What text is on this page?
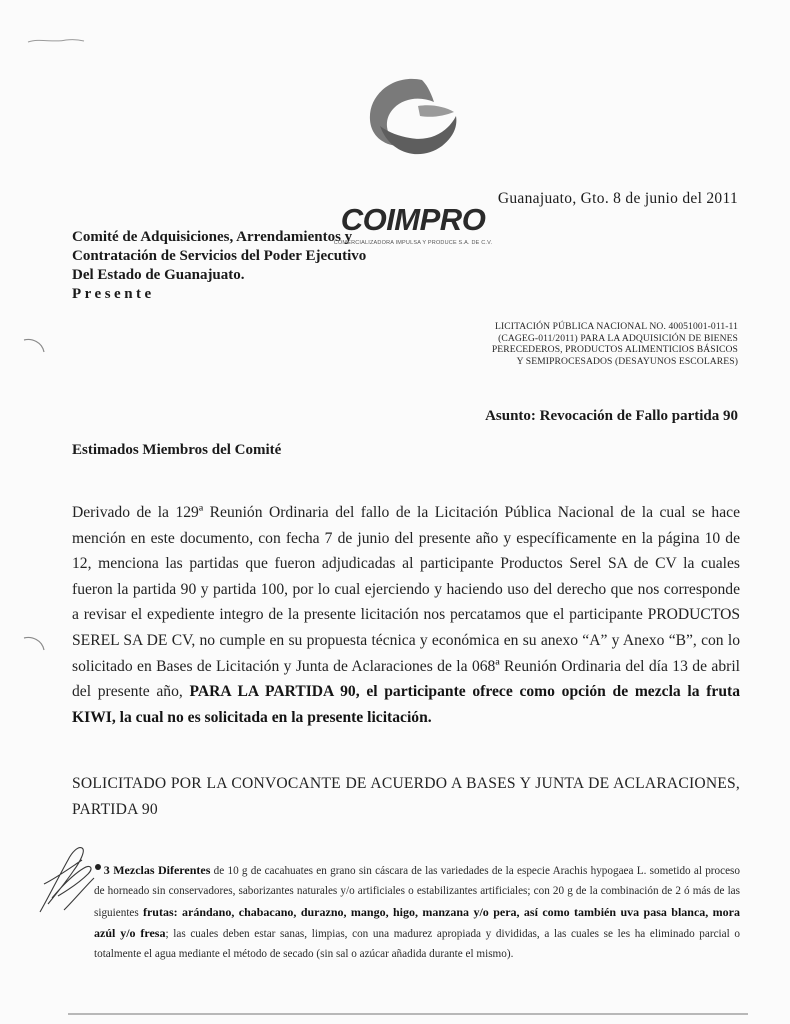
COIMPRO
COMERCIALIZADORA IMPULSA Y PRODUCE S.A. DE C.V.
Guanajuato, Gto. 8 de junio del 2011
Comité de Adquisiciones, Arrendamientos y
Contratación de Servicios del Poder Ejecutivo
Del Estado de Guanajuato.
Presente
LICITACIÓN PÚBLICA NACIONAL NO. 40051001-011-11
(CAGEG-011/2011) PARA LA ADQUISICIÓN DE BIENES
PERECEDEROS, PRODUCTOS ALIMENTICIOS BÁSICOS
Y SEMIPROCESADOS (DESAYUNOS ESCOLARES)
Asunto: Revocación de Fallo partida 90
Estimados Miembros del Comité
Derivado de la 129ª Reunión Ordinaria del fallo de la Licitación Pública Nacional de la cual se hace mención en este documento, con fecha 7 de junio del presente año y específicamente en la página 10 de 12, menciona las partidas que fueron adjudicadas al participante Productos Serel SA de CV la cuales fueron la partida 90 y partida 100, por lo cual ejerciendo y haciendo uso del derecho que nos corresponde a revisar el expediente integro de la presente licitación nos percatamos que el participante PRODUCTOS SEREL SA DE CV, no cumple en su propuesta técnica y económica en su anexo “A” y Anexo “B”, con lo solicitado en Bases de Licitación y Junta de Aclaraciones de la 068ª Reunión Ordinaria del día 13 de abril del presente año, PARA LA PARTIDA 90, el participante ofrece como opción de mezcla la fruta KIWI, la cual no es solicitada en la presente licitación.
SOLICITADO POR LA CONVOCANTE DE ACUERDO A BASES Y JUNTA DE ACLARACIONES, PARTIDA 90
3 Mezclas Diferentes de 10 g de cacahuates en grano sin cáscara de las variedades de la especie Arachis hypogaea L. sometido al proceso de horneado sin conservadores, saborizantes naturales y/o artificiales o estabilizantes artificiales; con 20 g de la combinación de 2 ó más de las siguientes frutas: arándano, chabacano, durazno, mango, higo, manzana y/o pera, así como también uva pasa blanca, mora azúl y/o fresa; las cuales deben estar sanas, limpias, con una madurez apropiada y divididas, a las cuales se les ha eliminado parcial o totalmente el agua mediante el método de secado (sin sal o azúcar añadida durante el mismo).
